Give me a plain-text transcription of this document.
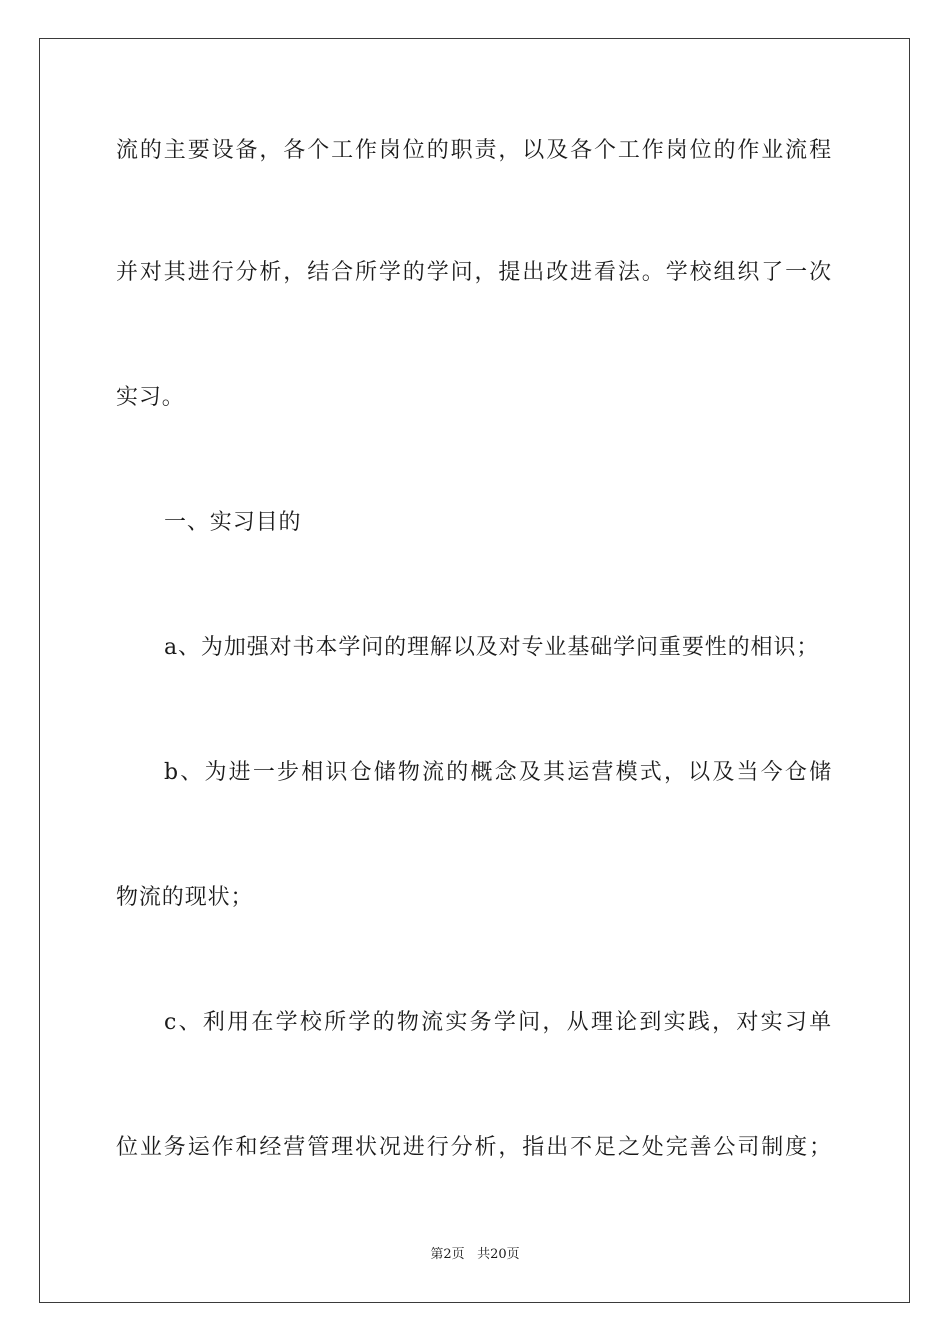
流的主要设备，各个工作岗位的职责，以及各个工作岗位的作业流程
并对其进行分析，结合所学的学问，提出改进看法。学校组织了一次
实习。
一、实习目的
a、为加强对书本学问的理解以及对专业基础学问重要性的相识；
b、为进一步相识仓储物流的概念及其运营模式，以及当今仓储
物流的现状；
c、利用在学校所学的物流实务学问，从理论到实践，对实习单
位业务运作和经营管理状况进行分析，指出不足之处完善公司制度；
第2页 共20页
